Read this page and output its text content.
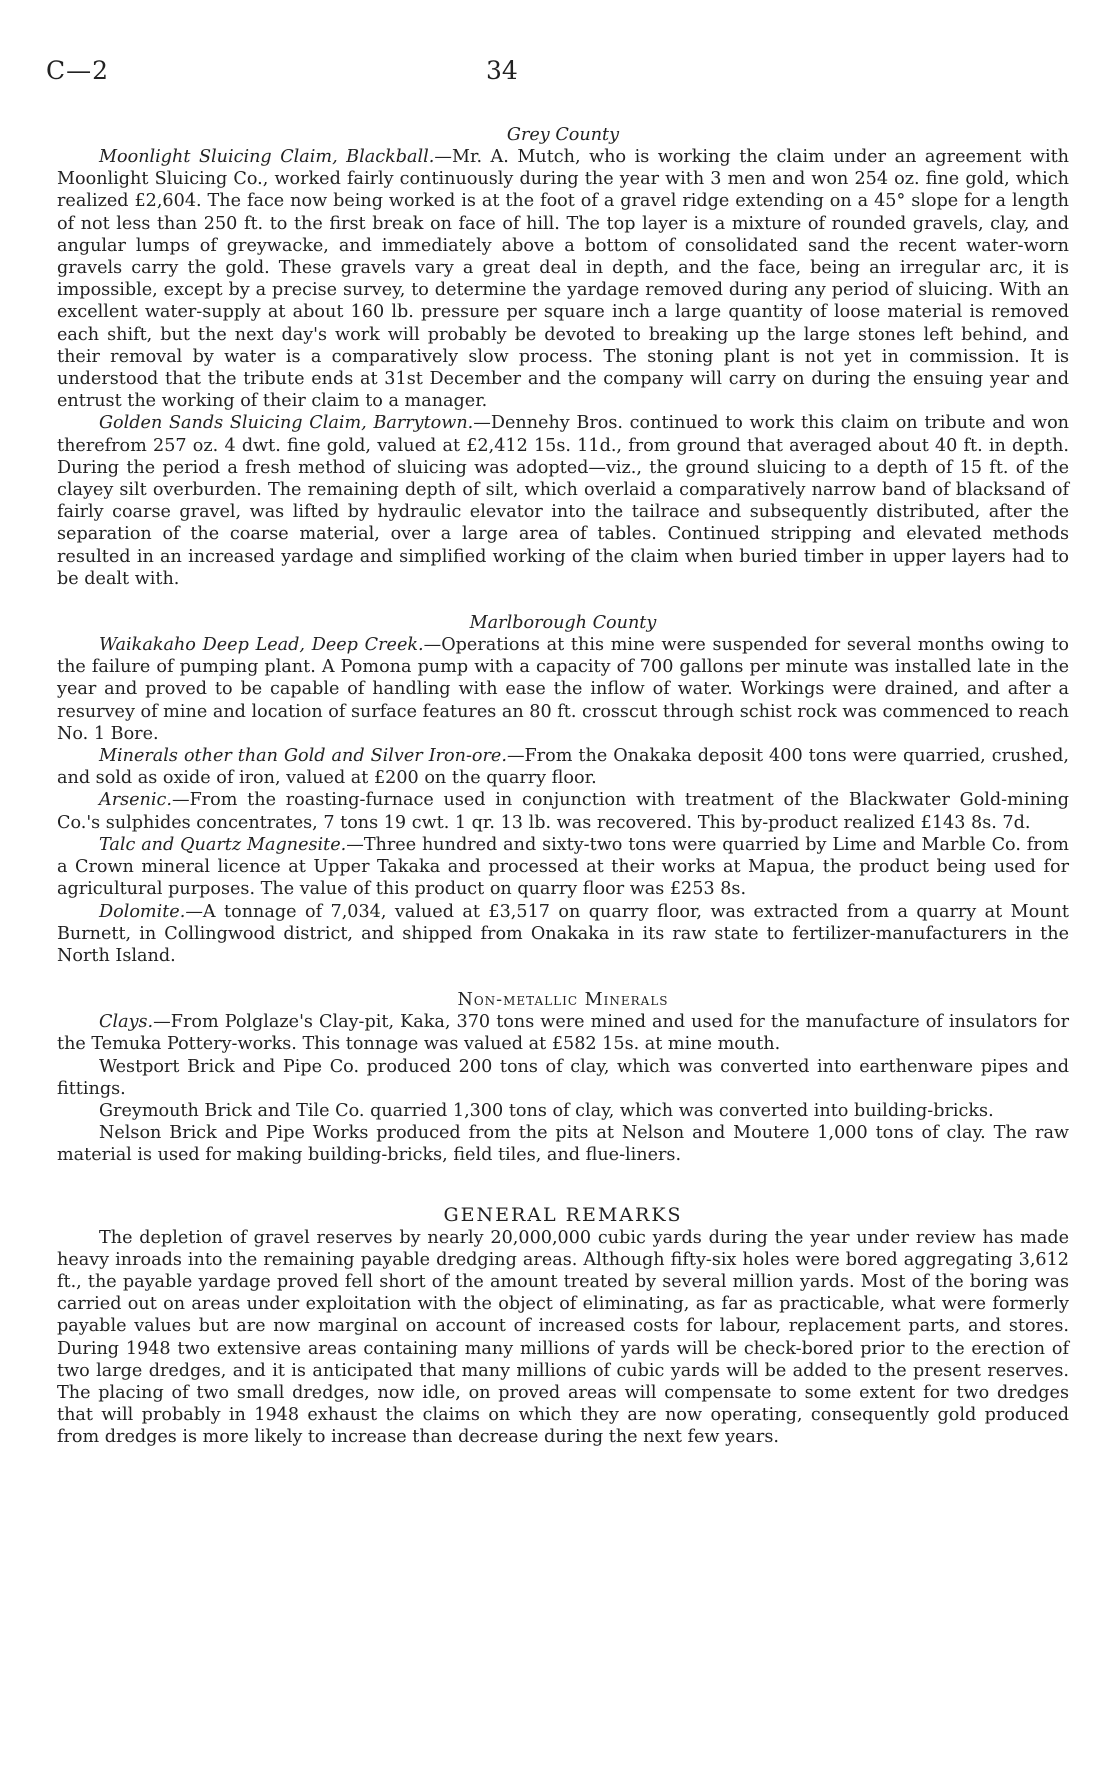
C—2	34

Grey County

Moonlight Sluicing Claim, Blackball.—Mr. A. Mutch, who is working the claim under an agreement with Moonlight Sluicing Co., worked fairly continuously during the year with 3 men and won 254 oz. fine gold, which realized £2,604. The face now being worked is at the foot of a gravel ridge extending on a 45° slope for a length of not less than 250 ft. to the first break on face of hill. The top layer is a mixture of rounded gravels, clay, and angular lumps of greywacke, and immediately above a bottom of consolidated sand the recent water-worn gravels carry the gold. These gravels vary a great deal in depth, and the face, being an irregular arc, it is impossible, except by a precise survey, to determine the yardage removed during any period of sluicing. With an excellent water-supply at about 160 lb. pressure per square inch a large quantity of loose material is removed each shift, but the next day's work will probably be devoted to breaking up the large stones left behind, and their removal by water is a comparatively slow process. The stoning plant is not yet in commission. It is understood that the tribute ends at 31st December and the company will carry on during the ensuing year and entrust the working of their claim to a manager.

Golden Sands Sluicing Claim, Barrytown.—Dennehy Bros. continued to work this claim on tribute and won therefrom 257 oz. 4 dwt. fine gold, valued at £2,412 15s. 11d., from ground that averaged about 40 ft. in depth. During the period a fresh method of sluicing was adopted—viz., the ground sluicing to a depth of 15 ft. of the clayey silt overburden. The remaining depth of silt, which overlaid a comparatively narrow band of blacksand of fairly coarse gravel, was lifted by hydraulic elevator into the tailrace and subsequently distributed, after the separation of the coarse material, over a large area of tables. Continued stripping and elevated methods resulted in an increased yardage and simplified working of the claim when buried timber in upper layers had to be dealt with.

Marlborough County

Waikakaho Deep Lead, Deep Creek.—Operations at this mine were suspended for several months owing to the failure of pumping plant. A Pomona pump with a capacity of 700 gallons per minute was installed late in the year and proved to be capable of handling with ease the inflow of water. Workings were drained, and after a resurvey of mine and location of surface features an 80 ft. crosscut through schist rock was commenced to reach No. 1 Bore.

Minerals other than Gold and Silver Iron-ore.—From the Onakaka deposit 400 tons were quarried, crushed, and sold as oxide of iron, valued at £200 on the quarry floor.

Arsenic.—From the roasting-furnace used in conjunction with treatment of the Blackwater Gold-mining Co.'s sulphides concentrates, 7 tons 19 cwt. 1 qr. 13 lb. was recovered. This by-product realized £143 8s. 7d.

Talc and Quartz Magnesite.—Three hundred and sixty-two tons were quarried by Lime and Marble Co. from a Crown mineral licence at Upper Takaka and processed at their works at Mapua, the product being used for agricultural purposes. The value of this product on quarry floor was £253 8s.

Dolomite.—A tonnage of 7,034, valued at £3,517 on quarry floor, was extracted from a quarry at Mount Burnett, in Collingwood district, and shipped from Onakaka in its raw state to fertilizer-manufacturers in the North Island.

Non-metallic Minerals

Clays.—From Polglaze's Clay-pit, Kaka, 370 tons were mined and used for the manufacture of insulators for the Temuka Pottery-works. This tonnage was valued at £582 15s. at mine mouth.

Westport Brick and Pipe Co. produced 200 tons of clay, which was converted into earthenware pipes and fittings.

Greymouth Brick and Tile Co. quarried 1,300 tons of clay, which was converted into building-bricks.

Nelson Brick and Pipe Works produced from the pits at Nelson and Moutere 1,000 tons of clay. The raw material is used for making building-bricks, field tiles, and flue-liners.

GENERAL REMARKS

The depletion of gravel reserves by nearly 20,000,000 cubic yards during the year under review has made heavy inroads into the remaining payable dredging areas. Although fifty-six holes were bored aggregating 3,612 ft., the payable yardage proved fell short of the amount treated by several million yards. Most of the boring was carried out on areas under exploitation with the object of eliminating, as far as practicable, what were formerly payable values but are now marginal on account of increased costs for labour, replacement parts, and stores. During 1948 two extensive areas containing many millions of yards will be check-bored prior to the erection of two large dredges, and it is anticipated that many millions of cubic yards will be added to the present reserves. The placing of two small dredges, now idle, on proved areas will compensate to some extent for two dredges that will probably in 1948 exhaust the claims on which they are now operating, consequently gold produced from dredges is more likely to increase than decrease during the next few years.
